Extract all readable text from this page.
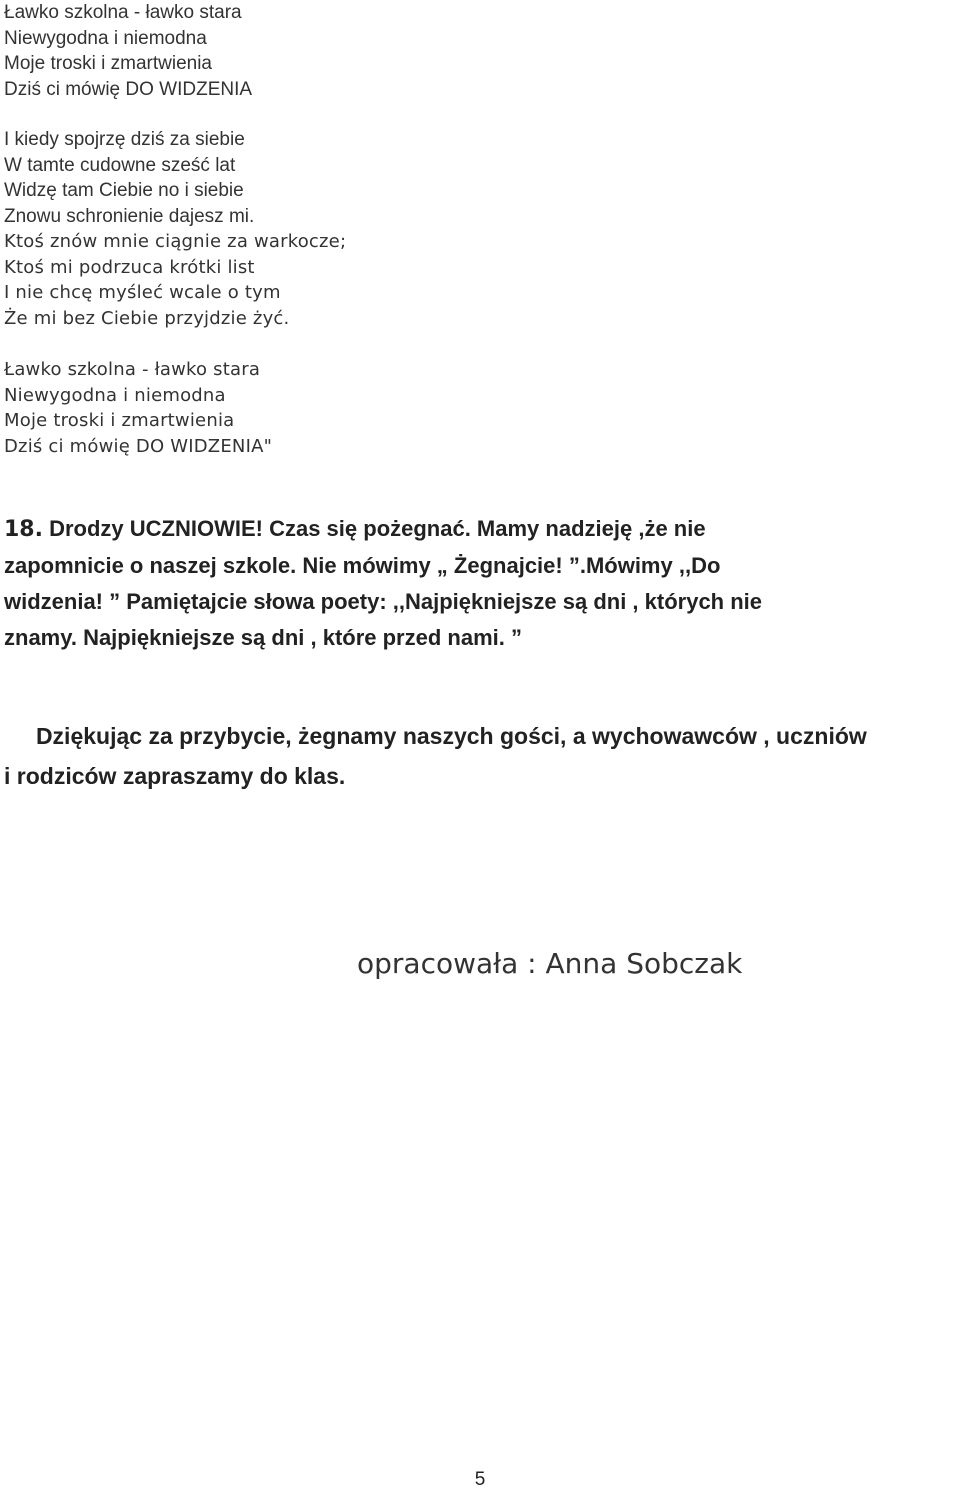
Ławko szkolna - ławko stara
Niewygodna i niemodna
Moje troski i zmartwienia
Dziś ci mówię DO WIDZENIA
I kiedy spojrzę dziś za siebie
W tamte cudowne sześć lat
Widzę tam Ciebie no i siebie
Znowu schronienie dajesz mi.
Ktoś znów mnie ciągnie za warkocze;
Ktoś mi podrzuca krótki list
I nie chcę myśleć wcale o tym
Że mi bez Ciebie przyjdzie żyć.
Ławko szkolna - ławko stara
Niewygodna i niemodna
Moje troski i zmartwienia
Dziś ci mówię DO WIDZENIA"
18. Drodzy UCZNIOWIE! Czas się pożegnać. Mamy nadzieję ,że nie
zapomnicie o naszej szkole. Nie mówimy „ Żegnajcie! ”.Mówimy ,,Do
widzenia! ” Pamiętajcie słowa poety: ,,Najpiękniejsze są dni , których nie
znamy. Najpiękniejsze są dni , które przed nami. ”
Dziękując za przybycie, żegnamy naszych gości, a wychowawców , uczniów
i rodziców zapraszamy do klas.
opracowała : Anna Sobczak
5
